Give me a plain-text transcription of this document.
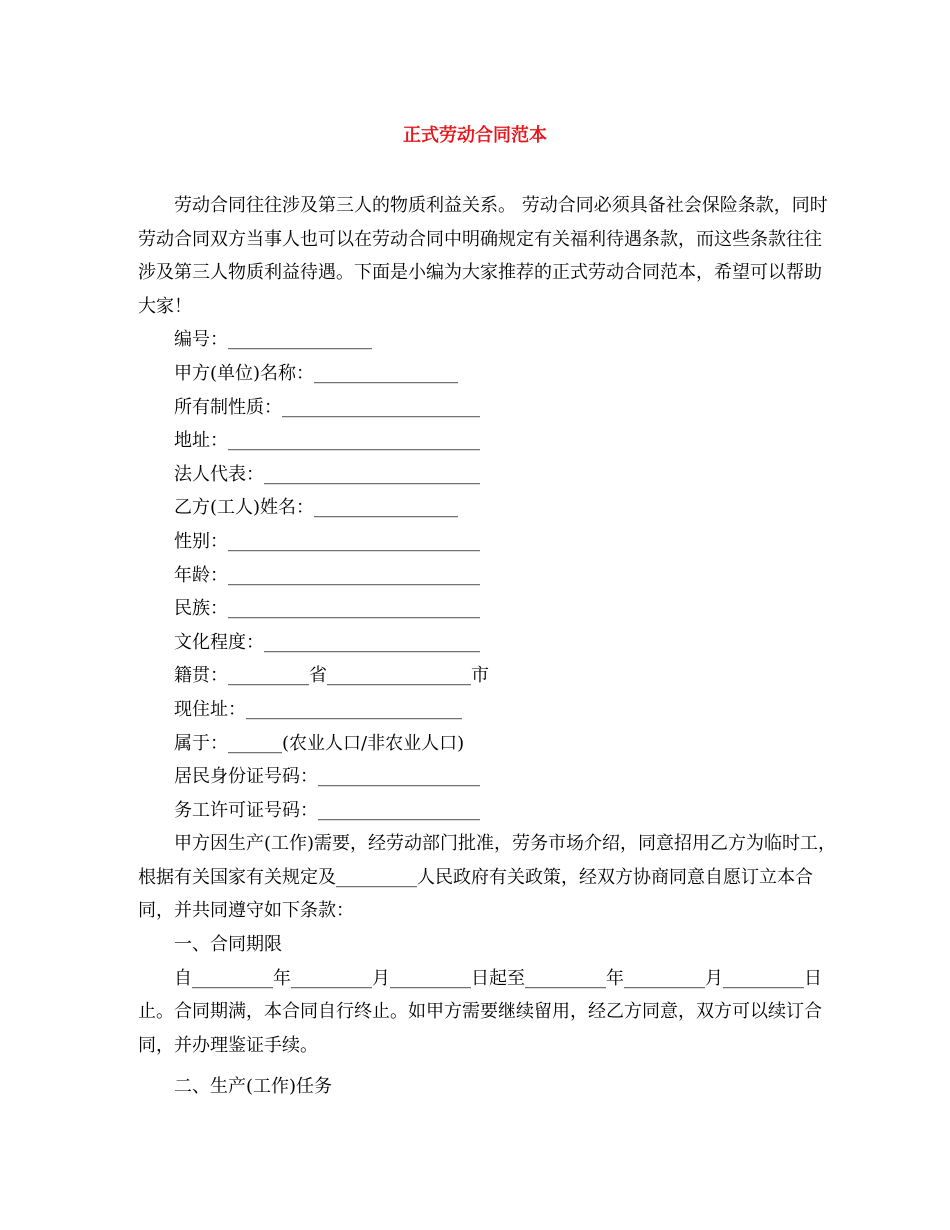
正式劳动合同范本

劳动合同往往涉及第三人的物质利益关系。 劳动合同必须具备社会保险条款，同时劳动合同双方当事人也可以在劳动合同中明确规定有关福利待遇条款，而这些条款往往涉及第三人物质利益待遇。下面是小编为大家推荐的正式劳动合同范本，希望可以帮助大家！

编号：________________

甲方(单位)名称：________________

所有制性质：______________________

地址：____________________________

法人代表：________________________

乙方(工人)姓名：________________

性别：____________________________

年龄：____________________________

民族：____________________________

文化程度：________________________

籍贯：_________省________________市

现住址：________________________

属于：______(农业人口/非农业人口)

居民身份证号码：__________________

务工许可证号码：__________________

甲方因生产(工作)需要，经劳动部门批准，劳务市场介绍，同意招用乙方为临时工，根据有关国家有关规定及_________人民政府有关政策，经双方协商同意自愿订立本合同，并共同遵守如下条款：

一、合同期限

自_________年_________月_________日起至_________年_________月_________日止。合同期满，本合同自行终止。如甲方需要继续留用，经乙方同意，双方可以续订合同，并办理鉴证手续。

二、生产(工作)任务
